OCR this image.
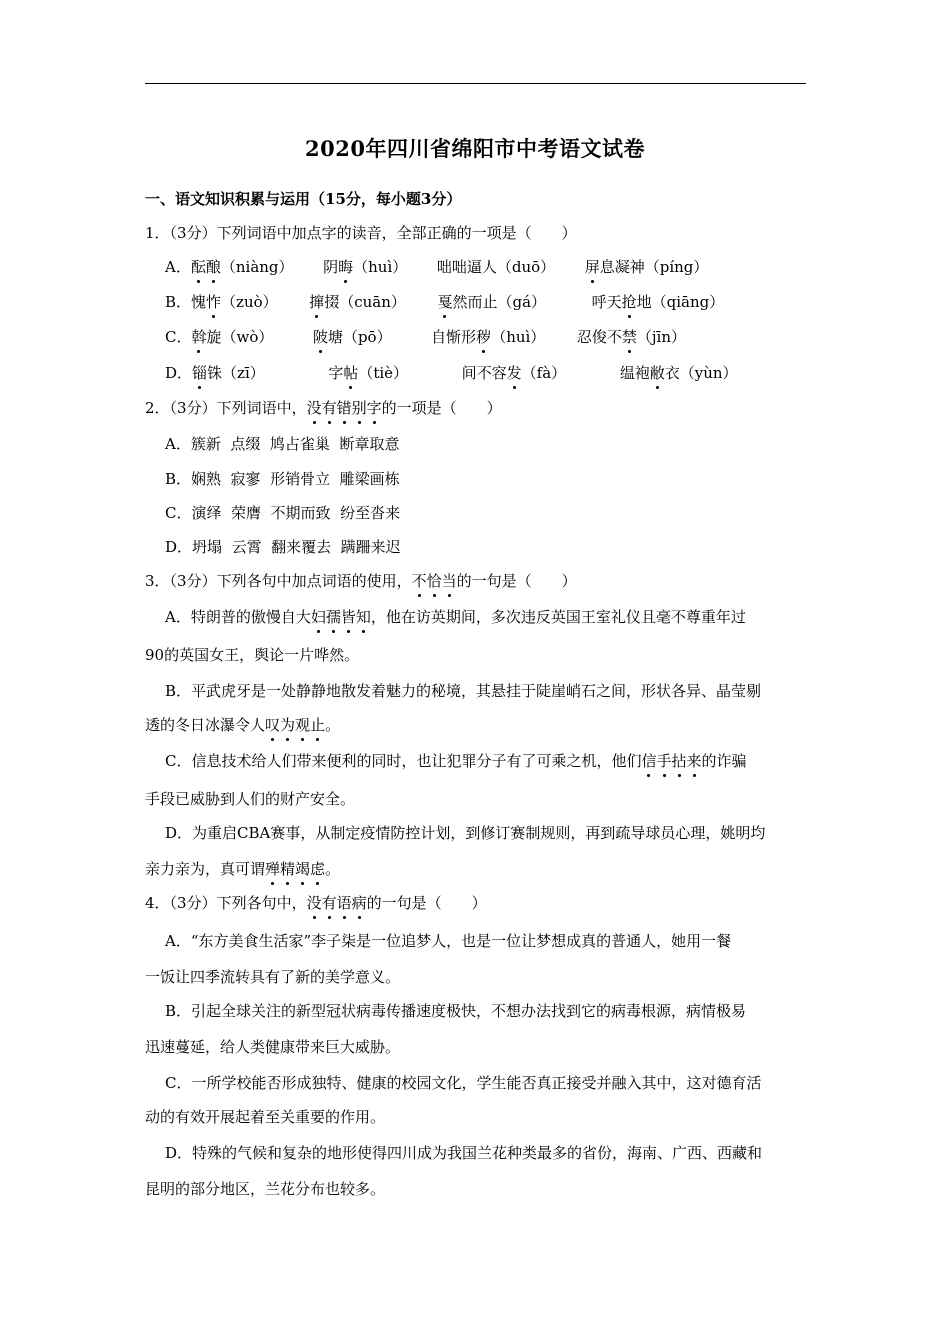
2020年四川省绵阳市中考语文试卷
一、语文知识积累与运用（15分，每小题3分）
1．（3分）下列词语中加点字的读音，全部正确的一项是（　　）
A．酝酿（niàng） 阴晦（huì） 咄咄逼人（duō） 屏息凝神（píng）
B．愧怍（zuò） 撺掇（cuān） 戛然而止（gá）	呼天抢地（qiāng）
C．斡旋（wò）	陂塘（pō）	自惭形秽（huì） 忍俊不禁（jīn）
D．锱铢（zī）	字帖（tiè）	间不容发（fà）	缊袍敝衣（yùn）
2．（3分）下列词语中，没有错别字的一项是（　　）
A．簇新  点缀  鸠占雀巢  断章取意
B．娴熟  寂寥  形销骨立  雕梁画栋
C．演绎  荣膺  不期而致  纷至沓来
D．坍塌  云霄  翻来覆去  蹒跚来迟
3．（3分）下列各句中加点词语的使用，不恰当的一句是（　　）
A．特朗普的傲慢自大妇孺皆知，他在访英期间，多次违反英国王室礼仪且毫不尊重年过
90的英国女王，舆论一片哗然。
B．平武虎牙是一处静静地散发着魅力的秘境，其悬挂于陡崖峭石之间，形状各异、晶莹剔
透的冬日冰瀑令人叹为观止。
C．信息技术给人们带来便利的同时，也让犯罪分子有了可乘之机，他们信手拈来的诈骗
手段已威胁到人们的财产安全。
D．为重启CBA赛事，从制定疫情防控计划，到修订赛制规则，再到疏导球员心理，姚明均
亲力亲为，真可谓殚精竭虑。
4．（3分）下列各句中，没有语病的一句是（　　）
A．“东方美食生活家”李子柒是一位追梦人，也是一位让梦想成真的普通人，她用一餐
一饭让四季流转具有了新的美学意义。
B．引起全球关注的新型冠状病毒传播速度极快，不想办法找到它的病毒根源，病情极易
迅速蔓延，给人类健康带来巨大威胁。
C．一所学校能否形成独特、健康的校园文化，学生能否真正接受并融入其中，这对德育活
动的有效开展起着至关重要的作用。
D．特殊的气候和复杂的地形使得四川成为我国兰花种类最多的省份，海南、广西、西藏和
昆明的部分地区，兰花分布也较多。
